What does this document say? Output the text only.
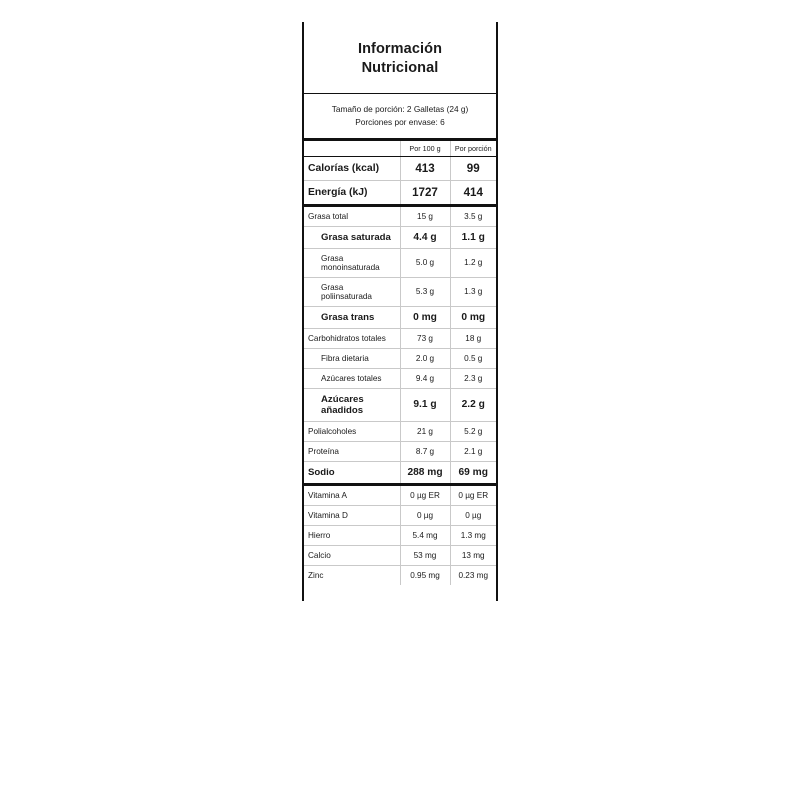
Información
Nutricional
Tamaño de porción: 2 Galletas (24 g)
Porciones por envase: 6
	Por 100 g	Por porción
Calorías (kcal)	413	99
Energía (kJ)	1727	414
Grasa total	15 g	3.5 g
Grasa saturada	4.4 g	1.1 g
Grasa monoinsaturada	5.0 g	1.2 g
Grasa poliinsaturada	5.3 g	1.3 g
Grasa trans	0 mg	0 mg
Carbohidratos totales	73 g	18 g
Fibra dietaria	2.0 g	0.5 g
Azúcares totales	9.4 g	2.3 g
Azúcares añadidos	9.1 g	2.2 g
Polialcoholes	21 g	5.2 g
Proteína	8.7 g	2.1 g
Sodio	288 mg	69 mg
Vitamina A	0 µg ER	0 µg ER
Vitamina D	0 µg	0 µg
Hierro	5.4 mg	1.3 mg
Calcio	53 mg	13 mg
Zinc	0.95 mg	0.23 mg
